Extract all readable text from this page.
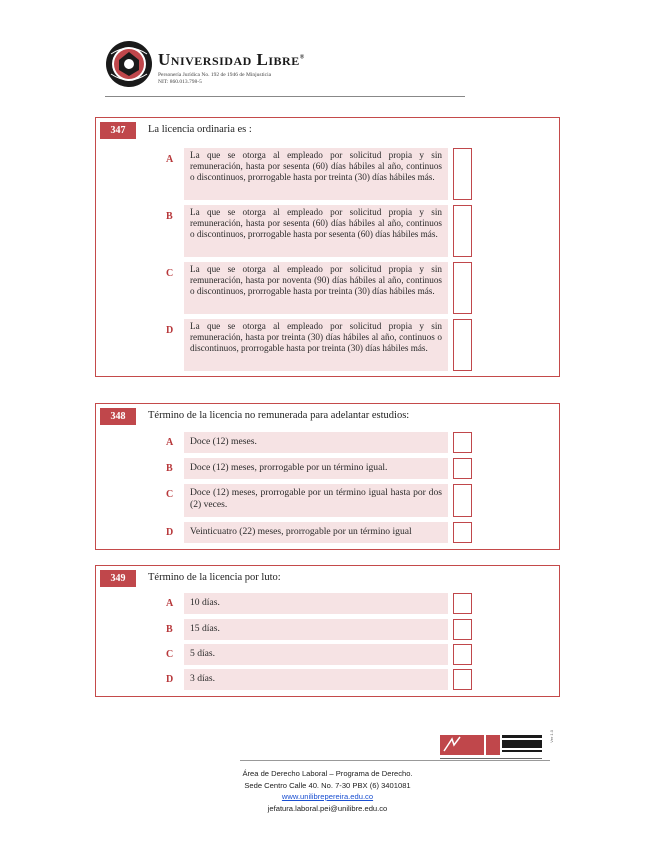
Universidad Libre®
Personería Jurídica No. 192 de 1946 de Minjusticia
NIT: 860.013.798-5
347	La licencia ordinaria es :
A	La que se otorga al empleado por solicitud propia y sin remuneración, hasta por sesenta (60) días hábiles al año, continuos o discontinuos, prorrogable hasta por treinta (30) días hábiles más.
B	La que se otorga al empleado por solicitud propia y sin remuneración, hasta por sesenta (60) días hábiles al año, continuos o discontinuos, prorrogable hasta por sesenta (60) días hábiles más.
C	La que se otorga al empleado por solicitud propia y sin remuneración, hasta por noventa (90) días hábiles al año, continuos o discontinuos, prorrogable hasta por treinta (30) días hábiles más.
D	La que se otorga al empleado por solicitud propia y sin remuneración, hasta por treinta (30) días hábiles al año, continuos o discontinuos, prorrogable hasta por treinta (30) días hábiles más.
348	Término de la licencia no remunerada para adelantar estudios:
A	Doce (12) meses.
B	Doce (12) meses, prorrogable por un término igual.
C	Doce (12) meses, prorrogable por un término igual hasta por dos (2) veces.
D	Veinticuatro (22) meses, prorrogable por un término igual
349	Término de la licencia por luto:
A	10 días.
B	15 días.
C	5 días.
D	3 días.
Ver 1.0
Área de Derecho Laboral – Programa de Derecho.
Sede Centro Calle 40. No. 7-30 PBX (6) 3401081
www.unilibrepereira.edu.co
jefatura.laboral.pei@unilibre.edu.co
